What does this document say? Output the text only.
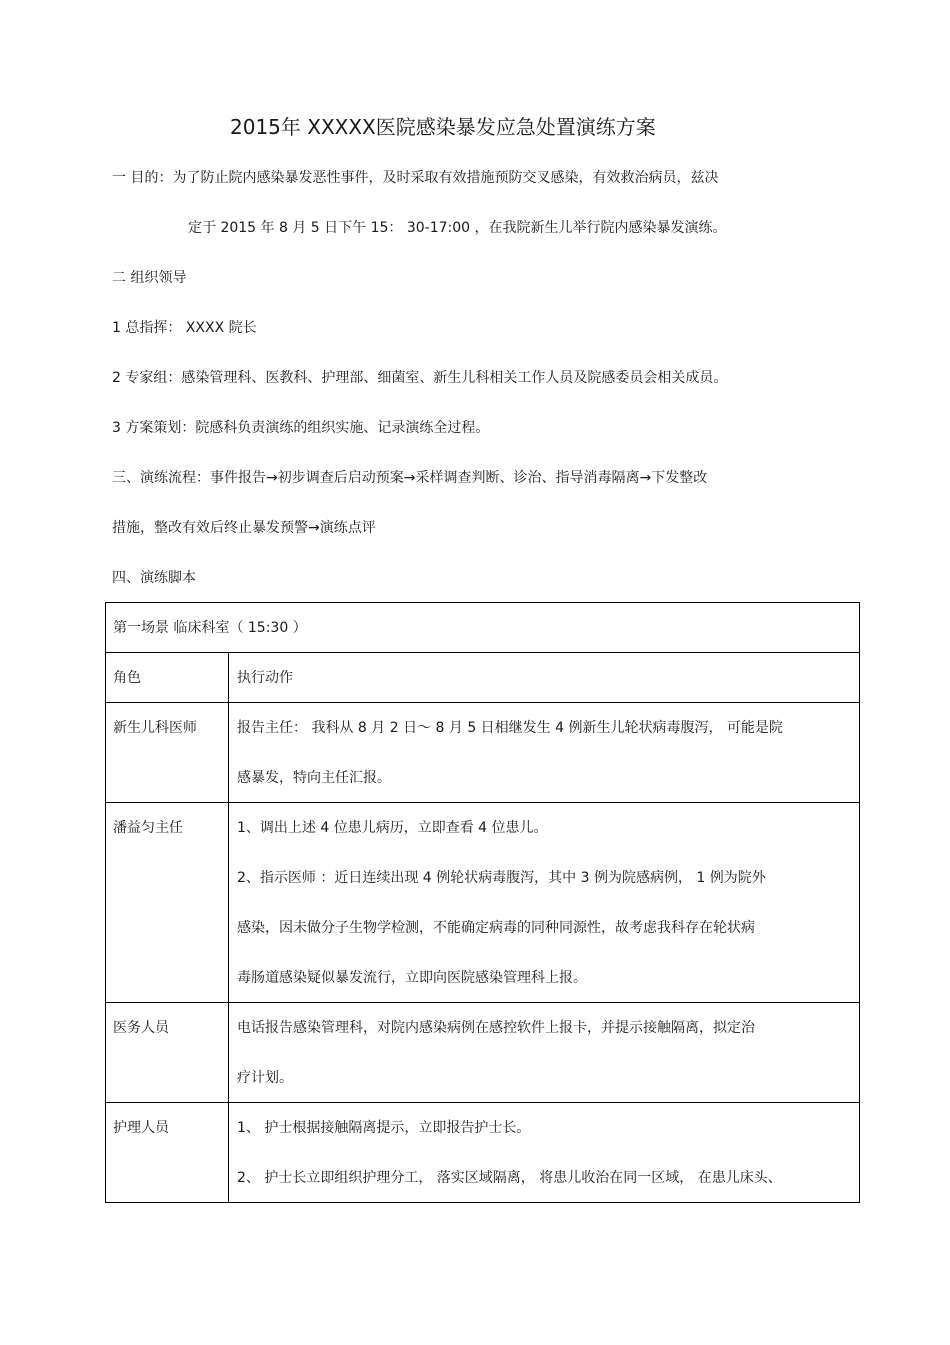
2015年 XXXXX医院感染暴发应急处置演练方案
一 目的：为了防止院内感染暴发恶性事件，及时采取有效措施预防交叉感染，有效救治病员，兹决
定于 2015 年 8 月 5 日下午 15： 30-17:00 ，在我院新生儿举行院内感染暴发演练。
二 组织领导
1 总指挥： XXXX 院长
2 专家组：感染管理科、医教科、护理部、细菌室、新生儿科相关工作人员及院感委员会相关成员。
3 方案策划：院感科负责演练的组织实施、记录演练全过程。
三、演练流程：事件报告→初步调查后启动预案→采样调查判断、诊治、指导消毒隔离→下发整改
措施，整改有效后终止暴发预警→演练点评
四、演练脚本
第一场景 临床科室（ 15:30 ）
角色	执行动作
新生儿科医师	报告主任： 我科从 8 月 2 日～ 8 月 5 日相继发生 4 例新生儿轮状病毒腹泻， 可能是院
感暴发，特向主任汇报。
潘益匀主任	1、调出上述 4 位患儿病历，立即查看 4 位患儿。
2、指示医师 ：近日连续出现 4 例轮状病毒腹泻，其中 3 例为院感病例， 1 例为院外
感染，因未做分子生物学检测，不能确定病毒的同种同源性，故考虑我科存在轮状病
毒肠道感染疑似暴发流行，立即向医院感染管理科上报。
医务人员	电话报告感染管理科，对院内感染病例在感控软件上报卡，并提示接触隔离，拟定治
疗计划。
护理人员	1、 护士根据接触隔离提示，立即报告护士长。
2、 护士长立即组织护理分工， 落实区域隔离， 将患儿收治在同一区域， 在患儿床头、
